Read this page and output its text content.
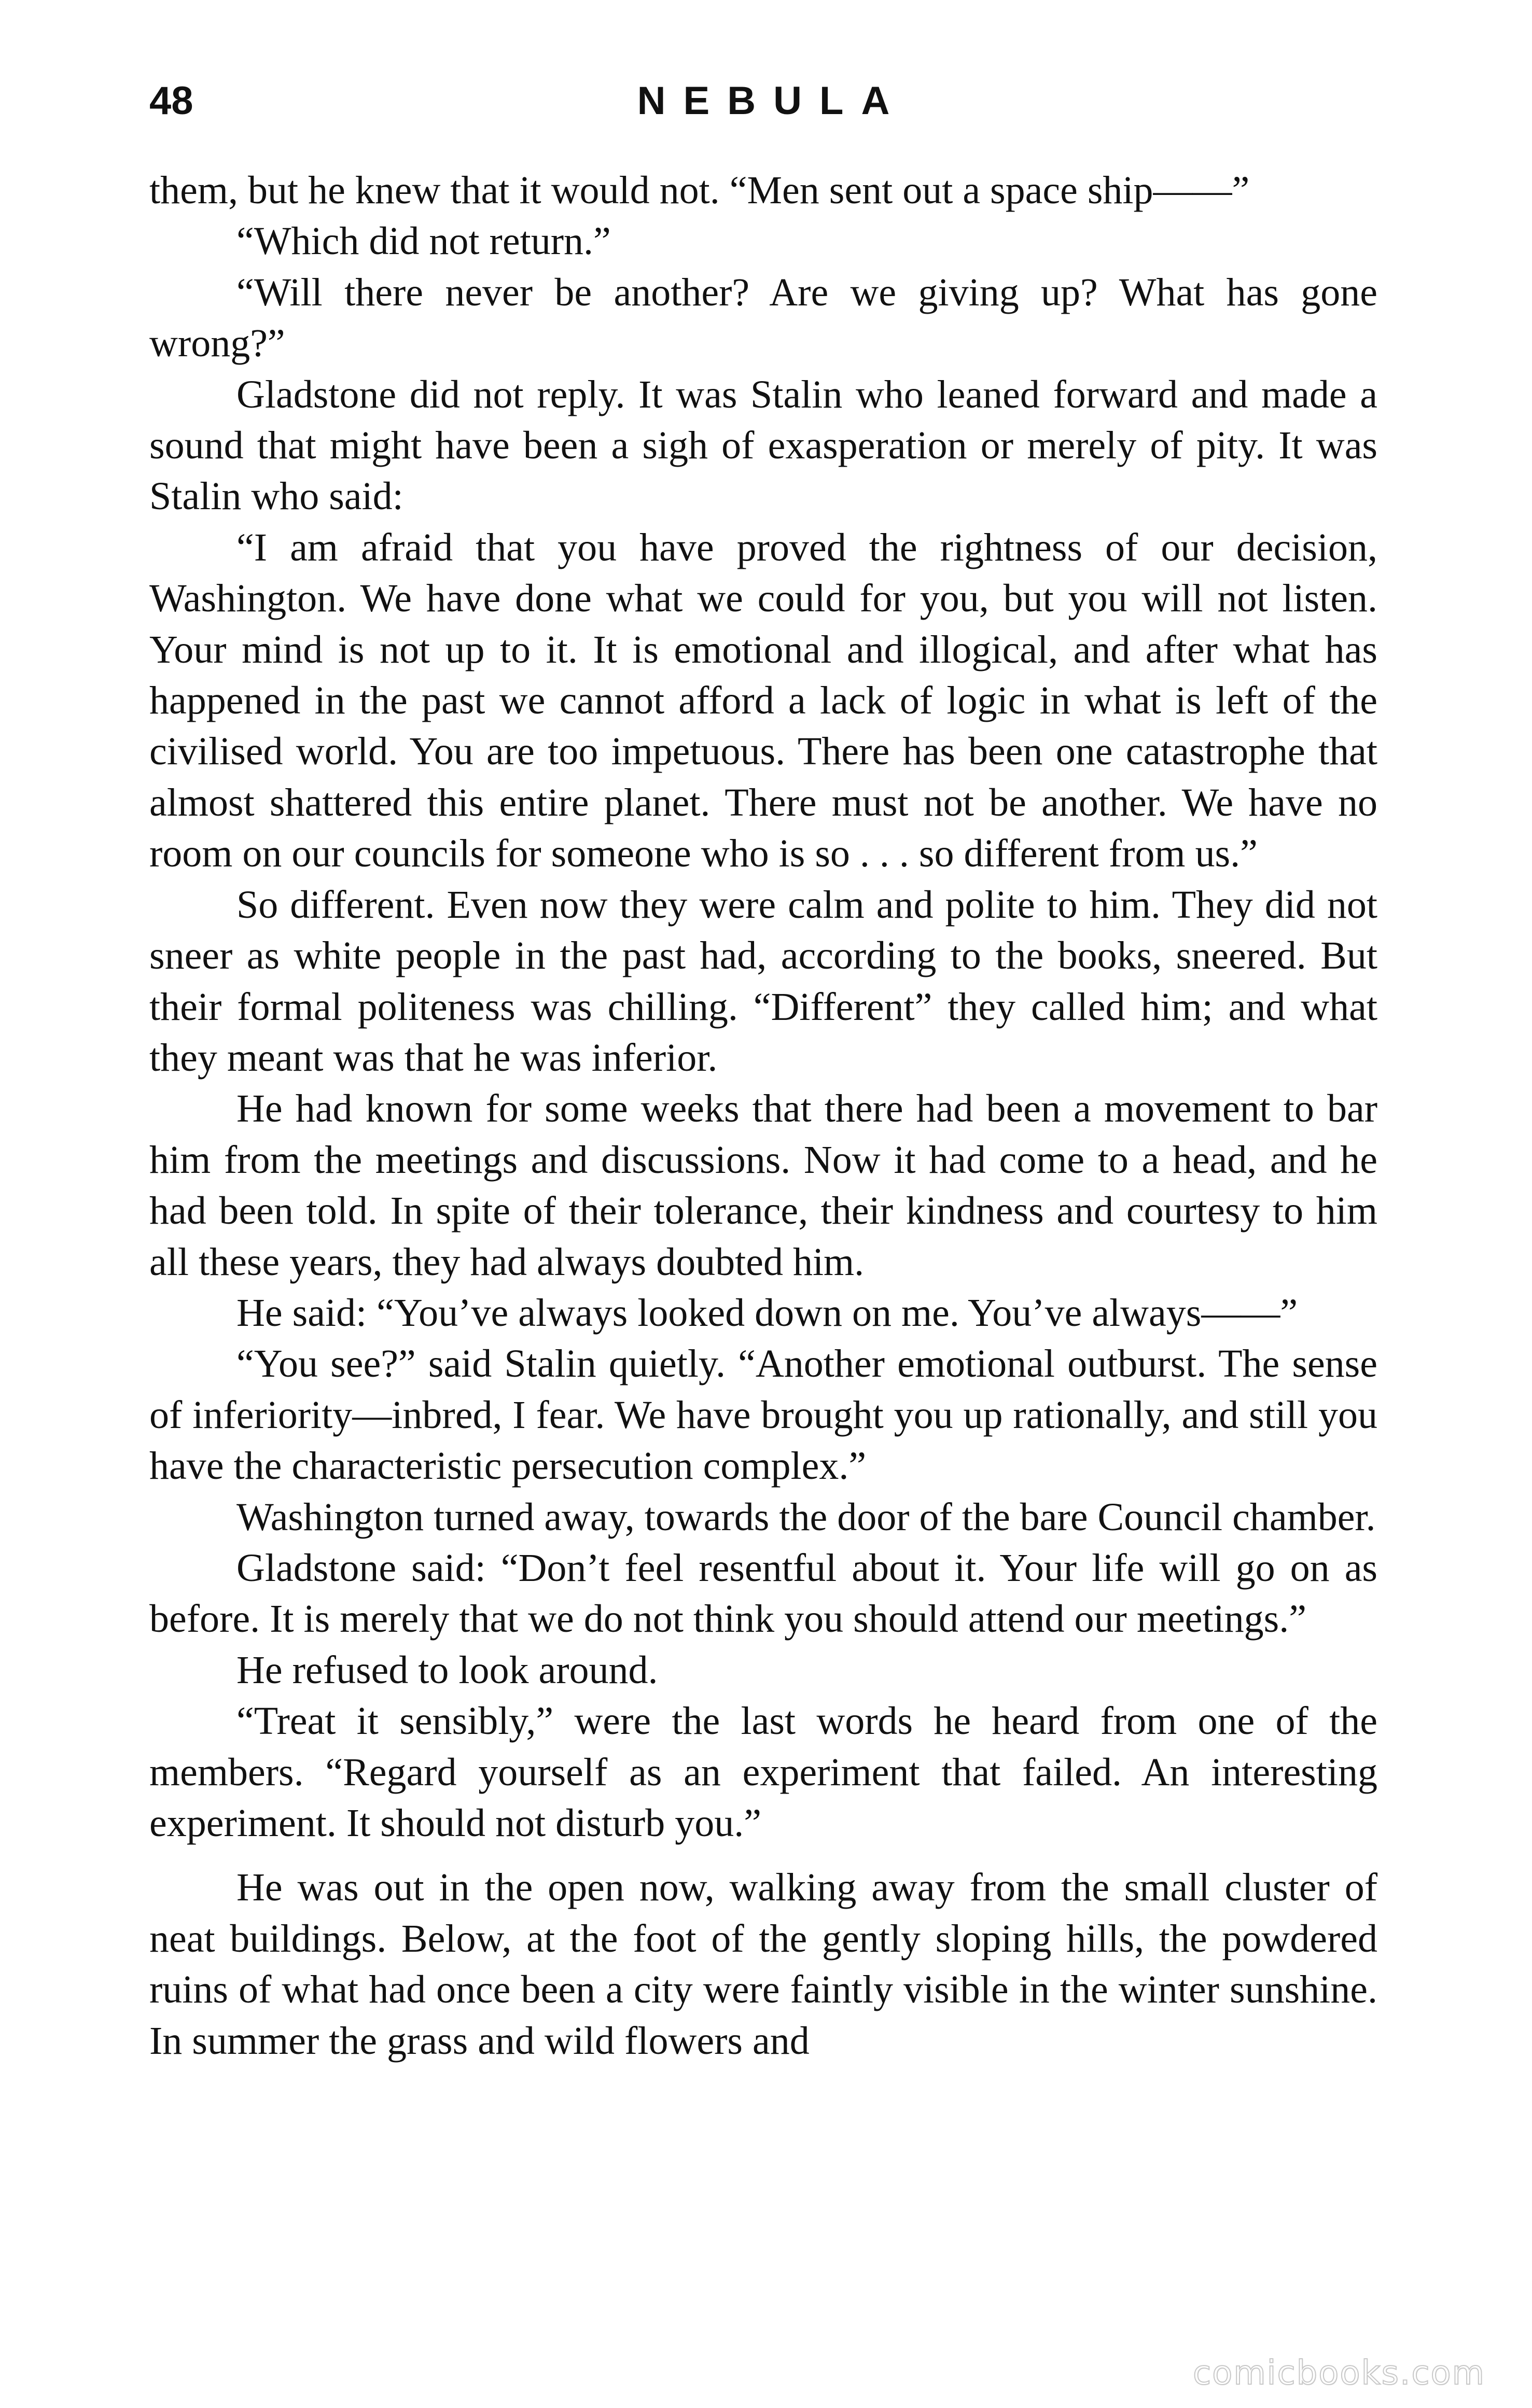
48	NEBULA

them, but he knew that it would not. “Men sent out a space ship——”

“Which did not return.”

“Will there never be another? Are we giving up? What has gone wrong?”

Gladstone did not reply. It was Stalin who leaned forward and made a sound that might have been a sigh of exasperation or merely of pity. It was Stalin who said:

“I am afraid that you have proved the rightness of our decision, Washington. We have done what we could for you, but you will not listen. Your mind is not up to it. It is emotional and illogical, and after what has happened in the past we cannot afford a lack of logic in what is left of the civilised world. You are too impetuous. There has been one catastrophe that almost shattered this entire planet. There must not be another. We have no room on our councils for someone who is so . . . so different from us.”

So different. Even now they were calm and polite to him. They did not sneer as white people in the past had, according to the books, sneered. But their formal politeness was chilling. “Different” they called him; and what they meant was that he was inferior.

He had known for some weeks that there had been a movement to bar him from the meetings and discussions. Now it had come to a head, and he had been told. In spite of their tolerance, their kindness and courtesy to him all these years, they had always doubted him.

He said: “You’ve always looked down on me. You’ve always——”

“You see?” said Stalin quietly. “Another emotional outburst. The sense of inferiority—inbred, I fear. We have brought you up rationally, and still you have the characteristic persecution complex.”

Washington turned away, towards the door of the bare Council chamber.

Gladstone said: “Don’t feel resentful about it. Your life will go on as before. It is merely that we do not think you should attend our meetings.”

He refused to look around.

“Treat it sensibly,” were the last words he heard from one of the members. “Regard yourself as an experiment that failed. An interesting experiment. It should not disturb you.”

He was out in the open now, walking away from the small cluster of neat buildings. Below, at the foot of the gently sloping hills, the powdered ruins of what had once been a city were faintly visible in the winter sunshine. In summer the grass and wild flowers and

comicbooks.com
